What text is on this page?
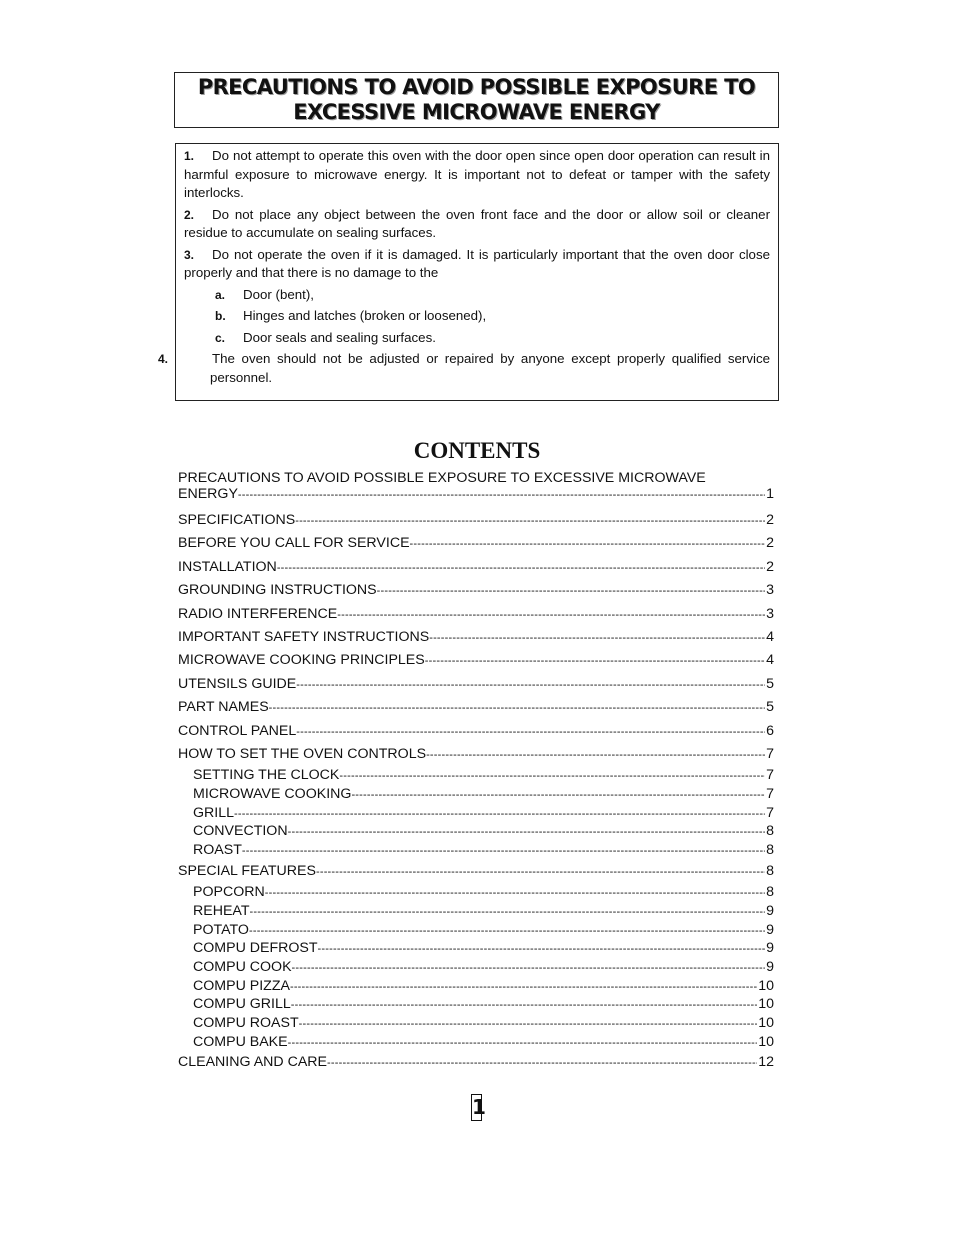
PRECAUTIONS TO AVOID POSSIBLE EXPOSURE TO
EXCESSIVE MICROWAVE ENERGY
1. Do not attempt to operate this oven with the door open since open door operation can result in harmful exposure to microwave energy. It is important not to defeat or tamper with the safety interlocks.
2. Do not place any object between the oven front face and the door or allow soil or cleaner residue to accumulate on sealing surfaces.
3. Do not operate the oven if it is damaged. It is particularly important that the oven door close properly and that there is no damage to the
a. Door (bent),
b. Hinges and latches (broken or loosened),
c. Door seals and sealing surfaces.
4.	The oven should not be adjusted or repaired by anyone except properly qualified service personnel.
CONTENTS
PRECAUTIONS TO AVOID POSSIBLE EXPOSURE TO EXCESSIVE MICROWAVE
ENERGY -----	1
SPECIFICATIONS -----	2
BEFORE YOU CALL FOR SERVICE -----	2
INSTALLATION -----	2
GROUNDING INSTRUCTIONS -----	3
RADIO INTERFERENCE -----	3
IMPORTANT SAFETY INSTRUCTIONS -----	4
MICROWAVE COOKING PRINCIPLES -----	4
UTENSILS GUIDE -----	5
PART NAMES -----	5
CONTROL PANEL -----	6
HOW TO SET THE OVEN CONTROLS -----	7
SETTING THE CLOCK -----	7
MICROWAVE COOKING -----	7
GRILL -----	7
CONVECTION -----	8
ROAST -----	8
SPECIAL FEATURES -----	8
POPCORN -----	8
REHEAT -----	9
POTATO -----	9
COMPU DEFROST -----	9
COMPU COOK -----	9
COMPU PIZZA -----	10
COMPU GRILL -----	10
COMPU ROAST -----	10
COMPU BAKE -----	10
CLEANING AND CARE -----	12
1
